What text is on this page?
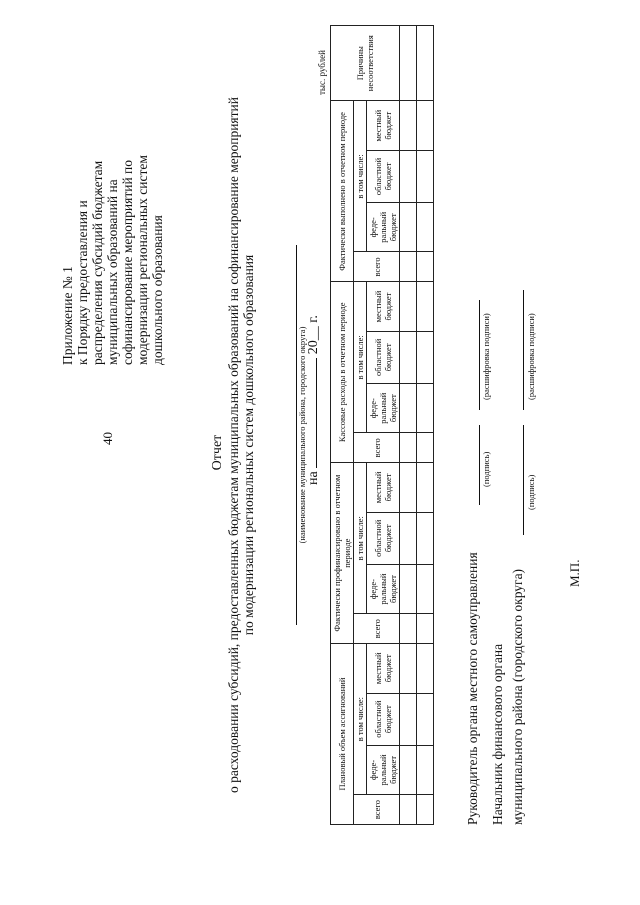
40
Приложение № 1 к Порядку предоставления и распределения субсидий бюджетам муниципальных образований на софинансирование мероприятий по модернизации региональных систем дошкольного образования
Отчет о расходовании субсидий, предоставленных бюджетам муниципальных образований на софинансирование мероприятий по модернизации региональных систем дошкольного образования	(наименование муниципального района, городского округа) на  20__ г.
тыс. рублей
Плановый объем ассигнований				Фактически профинансировано в отчетном периоде				Кассовые расходы в отчетном периоде				Фактически выполнено в отчетном периоде				Причины несоответствия
всего	в том числе:			всего	в том числе:			всего	в том числе:			всего	в том числе:			
	феде-ральный бюджет	областной бюджет	местный бюджет		феде-ральный бюджет	областной бюджет	местный бюджет		феде-ральный бюджет	областной бюджет	местный бюджет		феде-ральный бюджет	областной бюджет	местный бюджет	

Руководитель органа местного самоуправления
(подпись)
(расшифровка подписи)
Начальник финансового органа муниципального района (городского округа)
(подпись)
(расшифровка подписи)
М.П.
